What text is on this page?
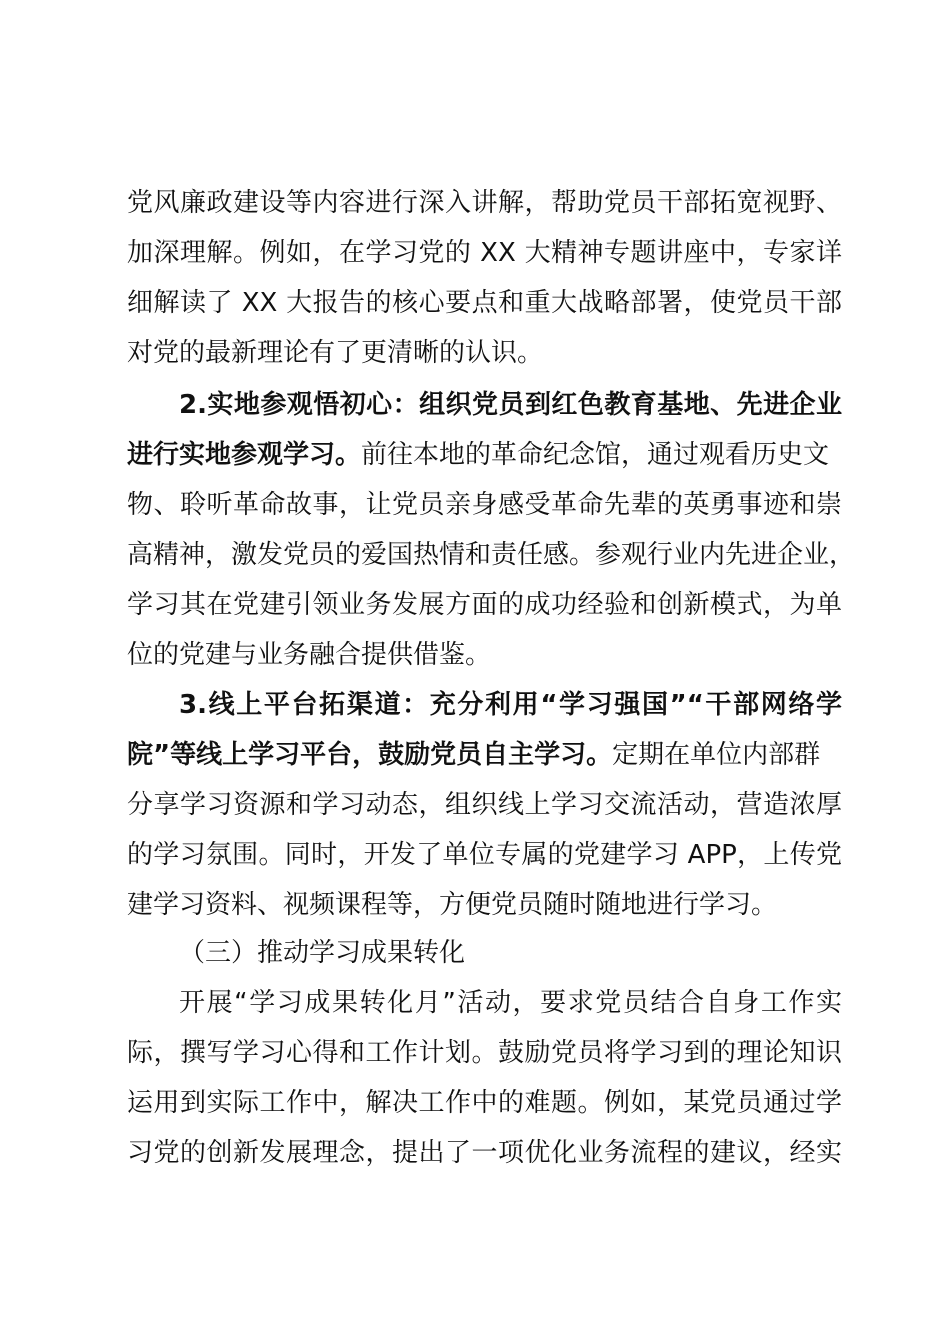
党风廉政建设等内容进行深入讲解，帮助党员干部拓宽视野、
加深理解。例如，在学习党的 XX 大精神专题讲座中，专家详
细解读了 XX 大报告的核心要点和重大战略部署，使党员干部
对党的最新理论有了更清晰的认识。
2.实地参观悟初心：组织党员到红色教育基地、先进企业
进行实地参观学习。前往本地的革命纪念馆，通过观看历史文
物、聆听革命故事，让党员亲身感受革命先辈的英勇事迹和崇
高精神，激发党员的爱国热情和责任感。参观行业内先进企业，
学习其在党建引领业务发展方面的成功经验和创新模式，为单
位的党建与业务融合提供借鉴。
3.线上平台拓渠道：充分利用“学习强国”“干部网络学
院”等线上学习平台，鼓励党员自主学习。定期在单位内部群
分享学习资源和学习动态，组织线上学习交流活动，营造浓厚
的学习氛围。同时，开发了单位专属的党建学习 APP，上传党
建学习资料、视频课程等，方便党员随时随地进行学习。
（三）推动学习成果转化
开展“学习成果转化月”活动，要求党员结合自身工作实
际，撰写学习心得和工作计划。鼓励党员将学习到的理论知识
运用到实际工作中，解决工作中的难题。例如，某党员通过学
习党的创新发展理念，提出了一项优化业务流程的建议，经实
